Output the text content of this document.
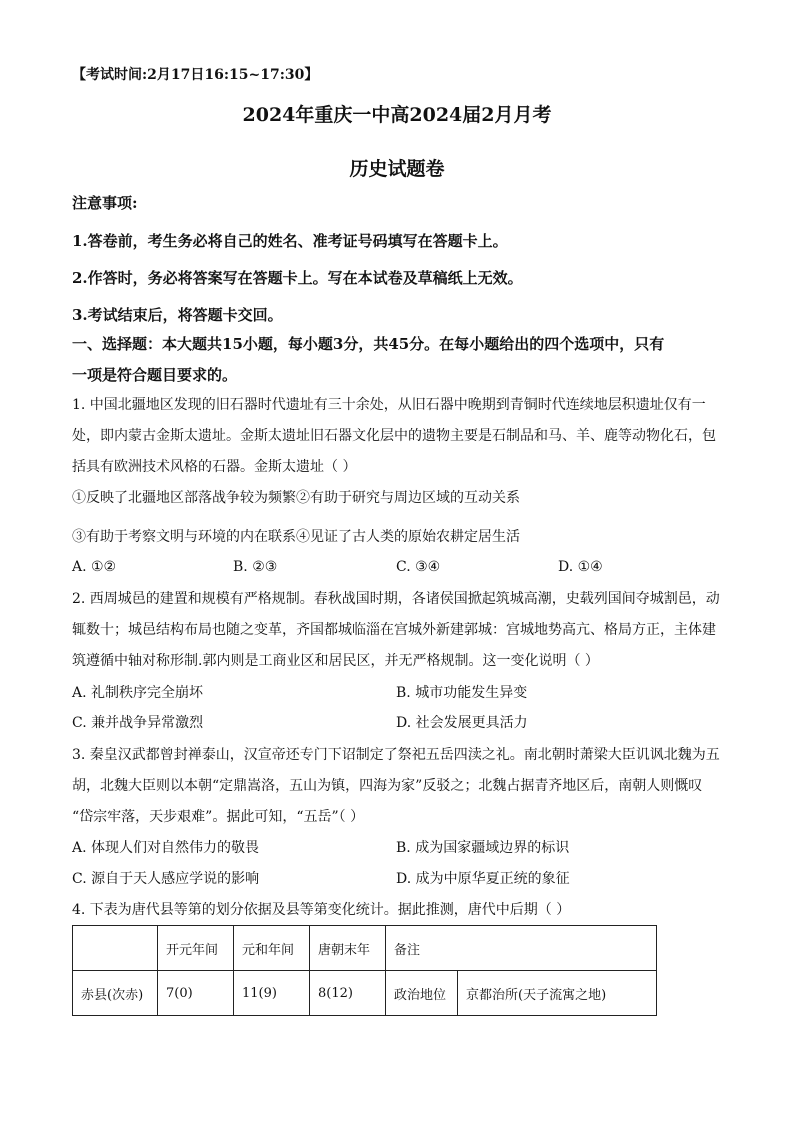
【考试时间:2月17日16:15~17:30】
2024年重庆一中高2024届2月月考
历史试题卷
注意事项:
1.答卷前，考生务必将自己的姓名、准考证号码填写在答题卡上。
2.作答时，务必将答案写在答题卡上。写在本试卷及草稿纸上无效。
3.考试结束后，将答题卡交回。
一、选择题：本大题共15小题，每小题3分，共45分。在每小题给出的四个选项中，只有
一项是符合题目要求的。
1. 中国北疆地区发现的旧石器时代遗址有三十余处，从旧石器中晚期到青铜时代连续地层积遗址仅有一
处，即内蒙古金斯太遗址。金斯太遗址旧石器文化层中的遗物主要是石制品和马、羊、鹿等动物化石，包
括具有欧洲技术风格的石器。金斯太遗址（ ）
①反映了北疆地区部落战争较为频繁②有助于研究与周边区域的互动关系
③有助于考察文明与环境的内在联系④见证了古人类的原始农耕定居生活
A. ①②	B. ②③	C. ③④	D. ①④
2. 西周城邑的建置和规模有严格规制。春秋战国时期，各诸侯国掀起筑城高潮，史载列国间夺城割邑，动
辄数十；城邑结构布局也随之变革，齐国都城临淄在宫城外新建郭城：宫城地势高亢、格局方正，主体建
筑遵循中轴对称形制.郭内则是工商业区和居民区，并无严格规制。这一变化说明（ ）
A. 礼制秩序完全崩坏	B. 城市功能发生异变
C. 兼并战争异常激烈	D. 社会发展更具活力
3. 秦皇汉武都曾封禅泰山，汉宣帝还专门下诏制定了祭祀五岳四渎之礼。南北朝时萧梁大臣讥讽北魏为五
胡，北魏大臣则以本朝“定鼎嵩洛，五山为镇，四海为家”反驳之；北魏占据青齐地区后，南朝人则慨叹
“岱宗牢落，天步艰难”。据此可知，“五岳”（ ）
A. 体现人们对自然伟力的敬畏	B. 成为国家疆域边界的标识
C. 源自于天人感应学说的影响	D. 成为中原华夏正统的象征
4. 下表为唐代县等第的划分依据及县等第变化统计。据此推测，唐代中后期（ ）
	开元年间	元和年间	唐朝末年	备注	
赤县(次赤)	7(0)	11(9)	8(12)	政治地位	京都治所(天子流寓之地)
